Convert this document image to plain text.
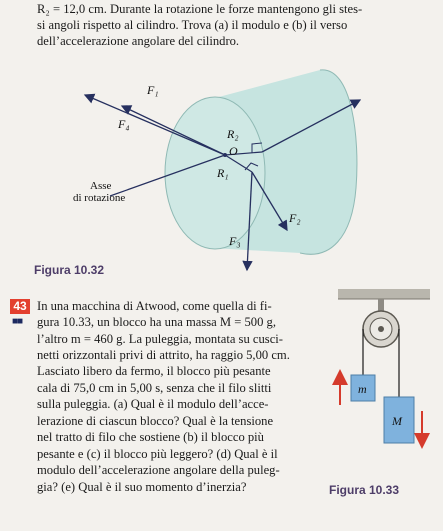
R₂ = 12,0 cm. Durante la rotazione le forze mantengono gli stes-
si angoli rispetto al cilindro. Trova (a) il modulo e (b) il verso
dell’accelerazione angolare del cilindro.
F₁
F₄
R₂
O
R₁
Asse
di rotazione
F₂
F₃
Figura 10.32
43
■■
In una macchina di Atwood, come quella di fi-
gura 10.33, un blocco ha una massa M = 500 g,
l’altro m = 460 g. La puleggia, montata su cusci-
netti orizzontali privi di attrito, ha raggio 5,00 cm.
Lasciato libero da fermo, il blocco più pesante
cala di 75,0 cm in 5,00 s, senza che il filo slitti
sulla puleggia. (a) Qual è il modulo dell’acce-
lerazione di ciascun blocco? Qual è la tensione
nel tratto di filo che sostiene (b) il blocco più
pesante e (c) il blocco più leggero? (d) Qual è il
modulo dell’accelerazione angolare della puleg-
gia? (e) Qual è il suo momento d’inerzia?
m
M
Figura 10.33
